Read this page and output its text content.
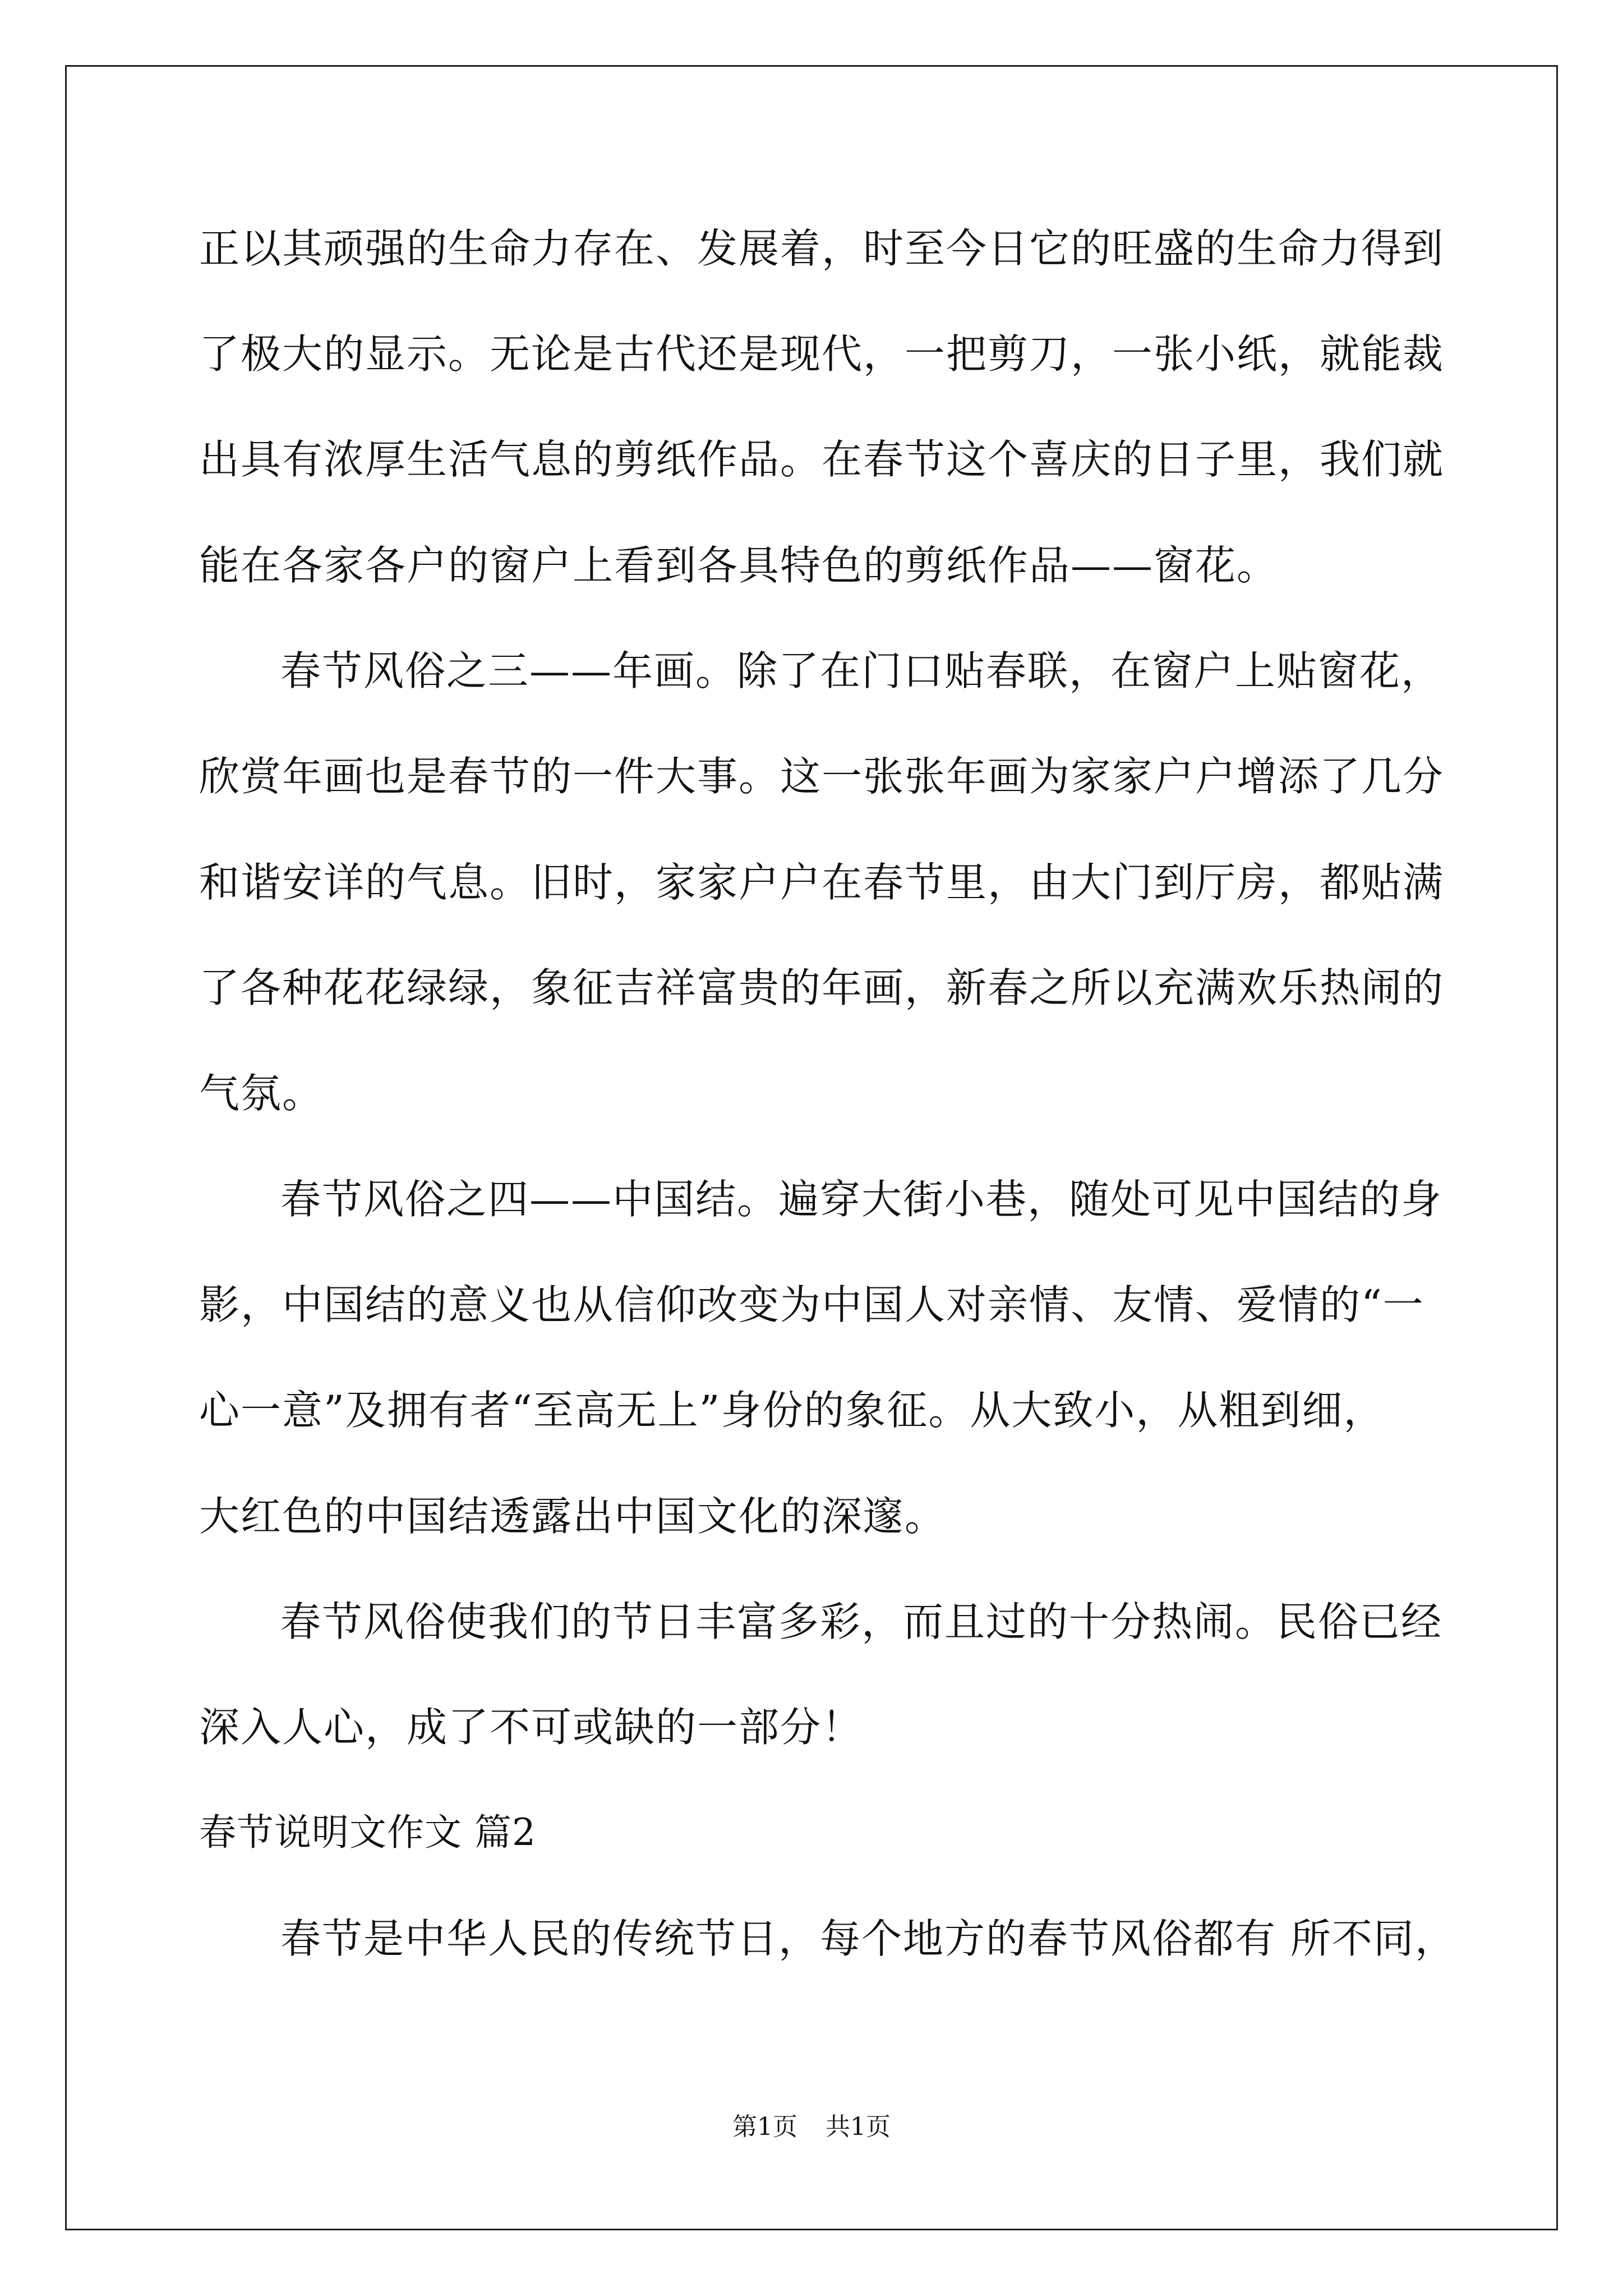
正以其顽强的生命力存在、发展着，时至今日它的旺盛的生命力得到
了极大的显示。无论是古代还是现代，一把剪刀，一张小纸，就能裁
出具有浓厚生活气息的剪纸作品。在春节这个喜庆的日子里，我们就
能在各家各户的窗户上看到各具特色的剪纸作品——窗花。
春节风俗之三——年画。除了在门口贴春联，在窗户上贴窗花，
欣赏年画也是春节的一件大事。这一张张年画为家家户户增添了几分
和谐安详的气息。旧时，家家户户在春节里，由大门到厅房，都贴满
了各种花花绿绿，象征吉祥富贵的年画，新春之所以充满欢乐热闹的
气氛。
春节风俗之四——中国结。遍穿大街小巷，随处可见中国结的身
影，中国结的意义也从信仰改变为中国人对亲情、友情、爱情的“一
心一意”及拥有者“至高无上”身份的象征。从大致小，从粗到细，
大红色的中国结透露出中国文化的深邃。
春节风俗使我们的节日丰富多彩，而且过的十分热闹。民俗已经
深入人心，成了不可或缺的一部分！
春节说明文作文 篇2
春节是中华人民的传统节日，每个地方的春节风俗都有 所不同，
第1页 共1页
